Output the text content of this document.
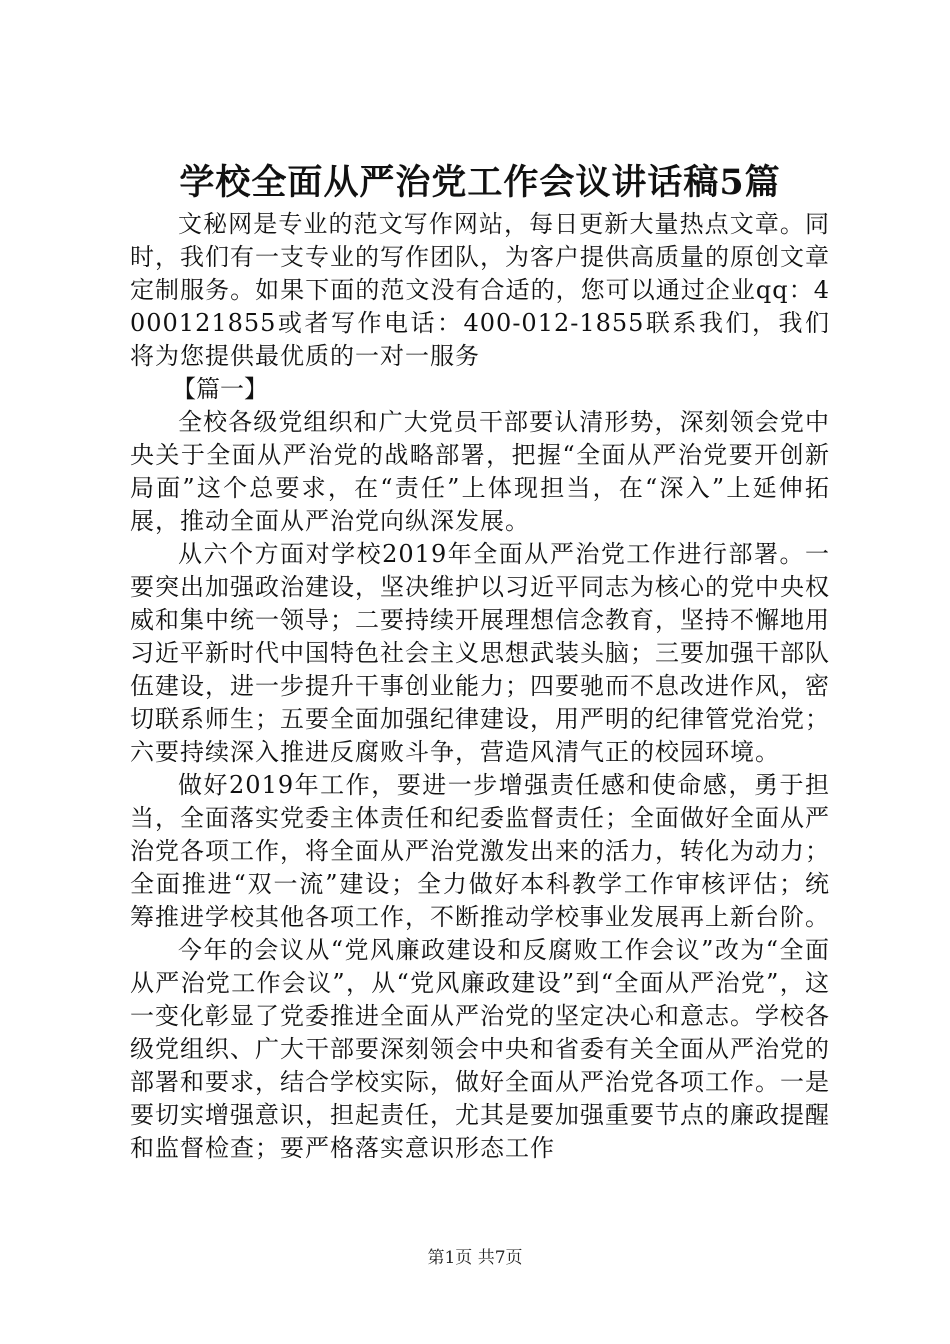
学校全面从严治党工作会议讲话稿5篇

文秘网是专业的范文写作网站，每日更新大量热点文章。同时，我们有一支专业的写作团队，为客户提供高质量的原创文章定制服务。如果下面的范文没有合适的，您可以通过企业qq：4000121855或者写作电话：400-012-1855联系我们，我们将为您提供最优质的一对一服务

【篇一】

全校各级党组织和广大党员干部要认清形势，深刻领会党中央关于全面从严治党的战略部署，把握“全面从严治党要开创新局面”这个总要求，在“责任”上体现担当，在“深入”上延伸拓展，推动全面从严治党向纵深发展。

从六个方面对学校2019年全面从严治党工作进行部署。一要突出加强政治建设，坚决维护以习近平同志为核心的党中央权威和集中统一领导；二要持续开展理想信念教育，坚持不懈地用习近平新时代中国特色社会主义思想武装头脑；三要加强干部队伍建设，进一步提升干事创业能力；四要驰而不息改进作风，密切联系师生；五要全面加强纪律建设，用严明的纪律管党治党；六要持续深入推进反腐败斗争，营造风清气正的校园环境。

做好2019年工作，要进一步增强责任感和使命感，勇于担当，全面落实党委主体责任和纪委监督责任；全面做好全面从严治党各项工作，将全面从严治党激发出来的活力，转化为动力；全面推进“双一流”建设；全力做好本科教学工作审核评估；统筹推进学校其他各项工作，不断推动学校事业发展再上新台阶。

今年的会议从“党风廉政建设和反腐败工作会议”改为“全面从严治党工作会议”，从“党风廉政建设”到“全面从严治党”，这一变化彰显了党委推进全面从严治党的坚定决心和意志。学校各级党组织、广大干部要深刻领会中央和省委有关全面从严治党的部署和要求，结合学校实际，做好全面从严治党各项工作。一是要切实增强意识，担起责任，尤其是要加强重要节点的廉政提醒和监督检查；要严格落实意识形态工作

第1页 共7页
